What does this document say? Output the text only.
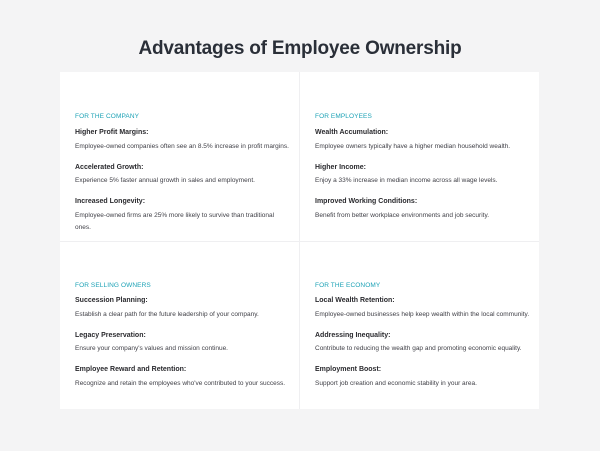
Advantages of Employee Ownership
FOR THE COMPANY
Higher Profit Margins:
Employee-owned companies often see an 8.5% increase in profit margins.
Accelerated Growth:
Experience 5% faster annual growth in sales and employment.
Increased Longevity:
Employee-owned firms are 25% more likely to survive than traditional ones.
FOR EMPLOYEES
Wealth Accumulation:
Employee owners typically have a higher median household wealth.
Higher Income:
Enjoy a 33% increase in median income across all wage levels.
Improved Working Conditions:
Benefit from better workplace environments and job security.
FOR SELLING OWNERS
Succession Planning:
Establish a clear path for the future leadership of your company.
Legacy Preservation:
Ensure your company's values and mission continue.
Employee Reward and Retention:
Recognize and retain the employees who've contributed to your success.
FOR THE ECONOMY
Local Wealth Retention:
Employee-owned businesses help keep wealth within the local community.
Addressing Inequality:
Contribute to reducing the wealth gap and promoting economic equality.
Employment Boost:
Support job creation and economic stability in your area.
